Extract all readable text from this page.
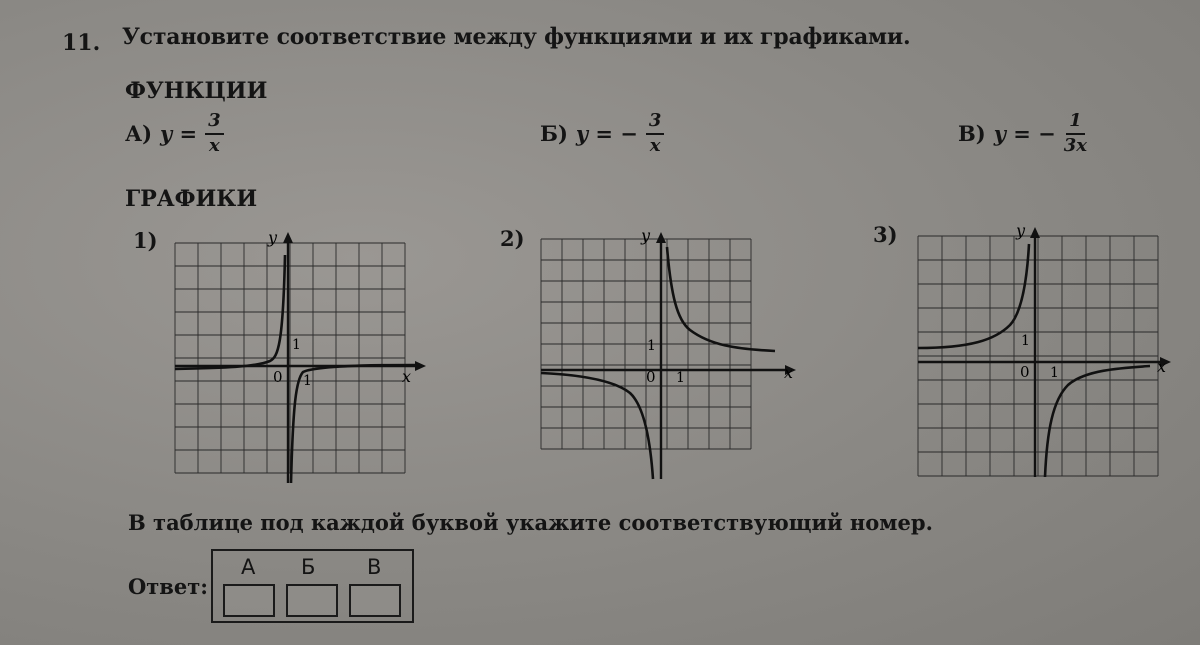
11. Установите соответствие между функциями и их графиками.
ФУНКЦИИ
А) $y = \frac{3}{x}$	Б) y = − $\frac{3}{x}$	В) y = − $\frac{1}{3x}$
ГРАФИКИ
1)	2)	3)
x
y
0 1
1
x
y
0 1
1
x
y
0 1
1
В таблице под каждой буквой укажите соответствующий номер.
Ответ:
А Б В
